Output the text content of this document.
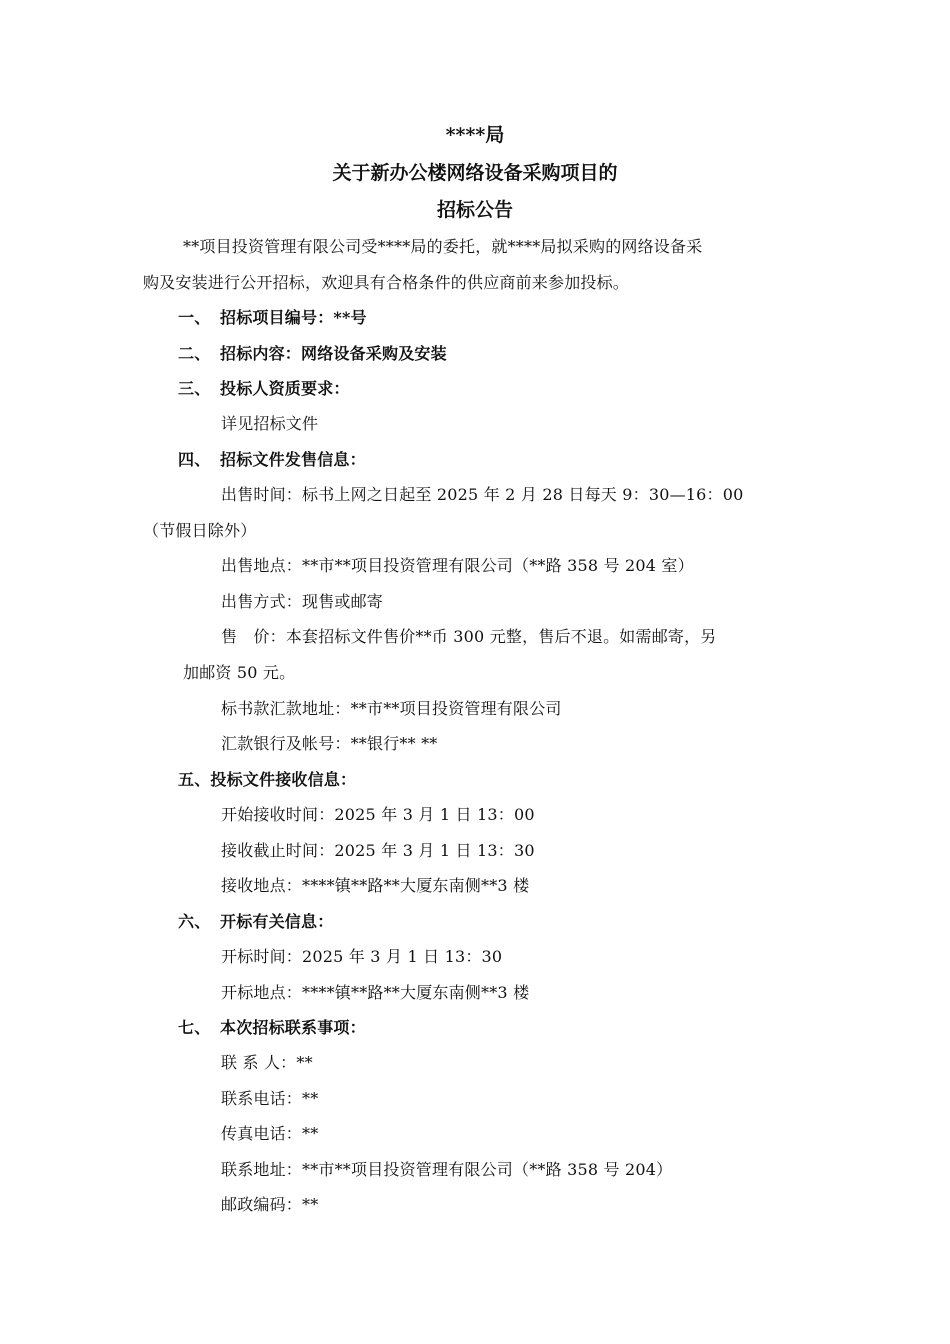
****局
关于新办公楼网络设备采购项目的
招标公告
**项目投资管理有限公司受****局的委托，就****局拟采购的网络设备采
购及安装进行公开招标，欢迎具有合格条件的供应商前来参加投标。
一、 招标项目编号：**号
二、 招标内容：网络设备采购及安装
三、 投标人资质要求：
详见招标文件
四、 招标文件发售信息：
出售时间：标书上网之日起至 2025 年 2 月 28 日每天 9：30—16：00
（节假日除外）
出售地点：**市**项目投资管理有限公司（**路 358 号 204 室）
出售方式：现售或邮寄
售　价：本套招标文件售价**币 300 元整，售后不退。如需邮寄，另
加邮资 50 元。
标书款汇款地址：**市**项目投资管理有限公司
汇款银行及帐号：**银行** **
五、投标文件接收信息：
开始接收时间：2025 年 3 月 1 日 13：00
接收截止时间：2025 年 3 月 1 日 13：30
接收地点：****镇**路**大厦东南侧**3 楼
六、 开标有关信息：
开标时间：2025 年 3 月 1 日 13：30
开标地点：****镇**路**大厦东南侧**3 楼
七、 本次招标联系事项：
联 系 人：**
联系电话：**
传真电话：**
联系地址：**市**项目投资管理有限公司（**路 358 号 204）
邮政编码：**
